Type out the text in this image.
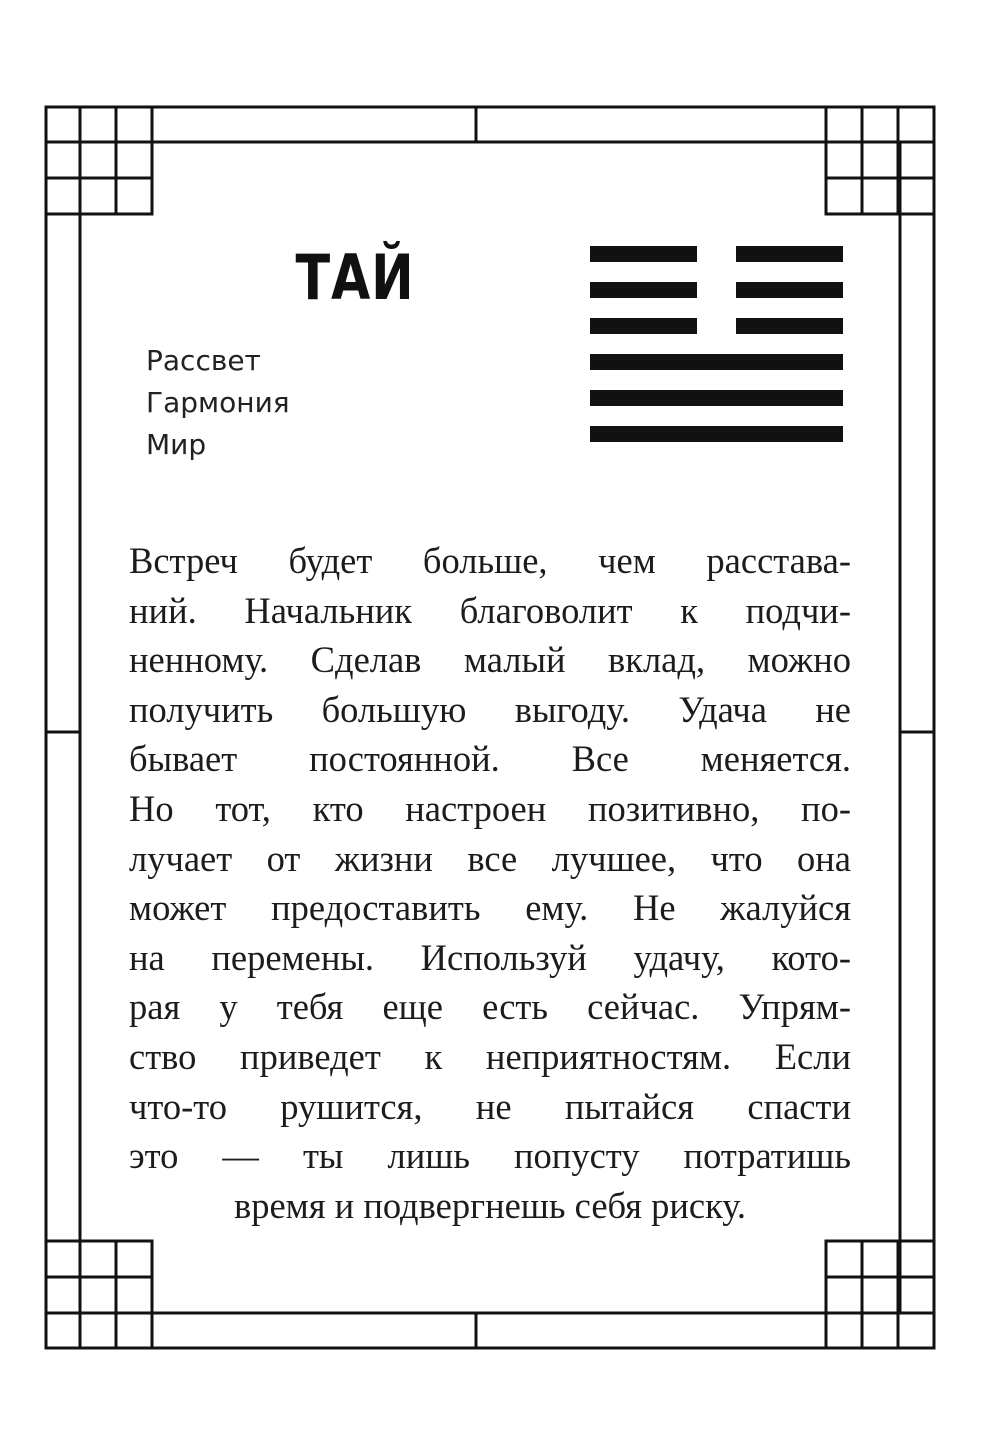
ТАЙ
Рассвет
Гармония
Мир
Встреч будет больше, чем расстава-
ний. Начальник благоволит к подчи-
ненному. Сделав малый вклад, можно
получить большую выгоду. Удача не
бывает постоянной. Все меняется.
Но тот, кто настроен позитивно, по-
лучает от жизни все лучшее, что она
может предоставить ему. Не жалуйся
на перемены. Используй удачу, кото-
рая у тебя еще есть сейчас. Упрям-
ство приведет к неприятностям. Если
что-то рушится, не пытайся спасти
это — ты лишь попусту потратишь
время и подвергнешь себя риску.
